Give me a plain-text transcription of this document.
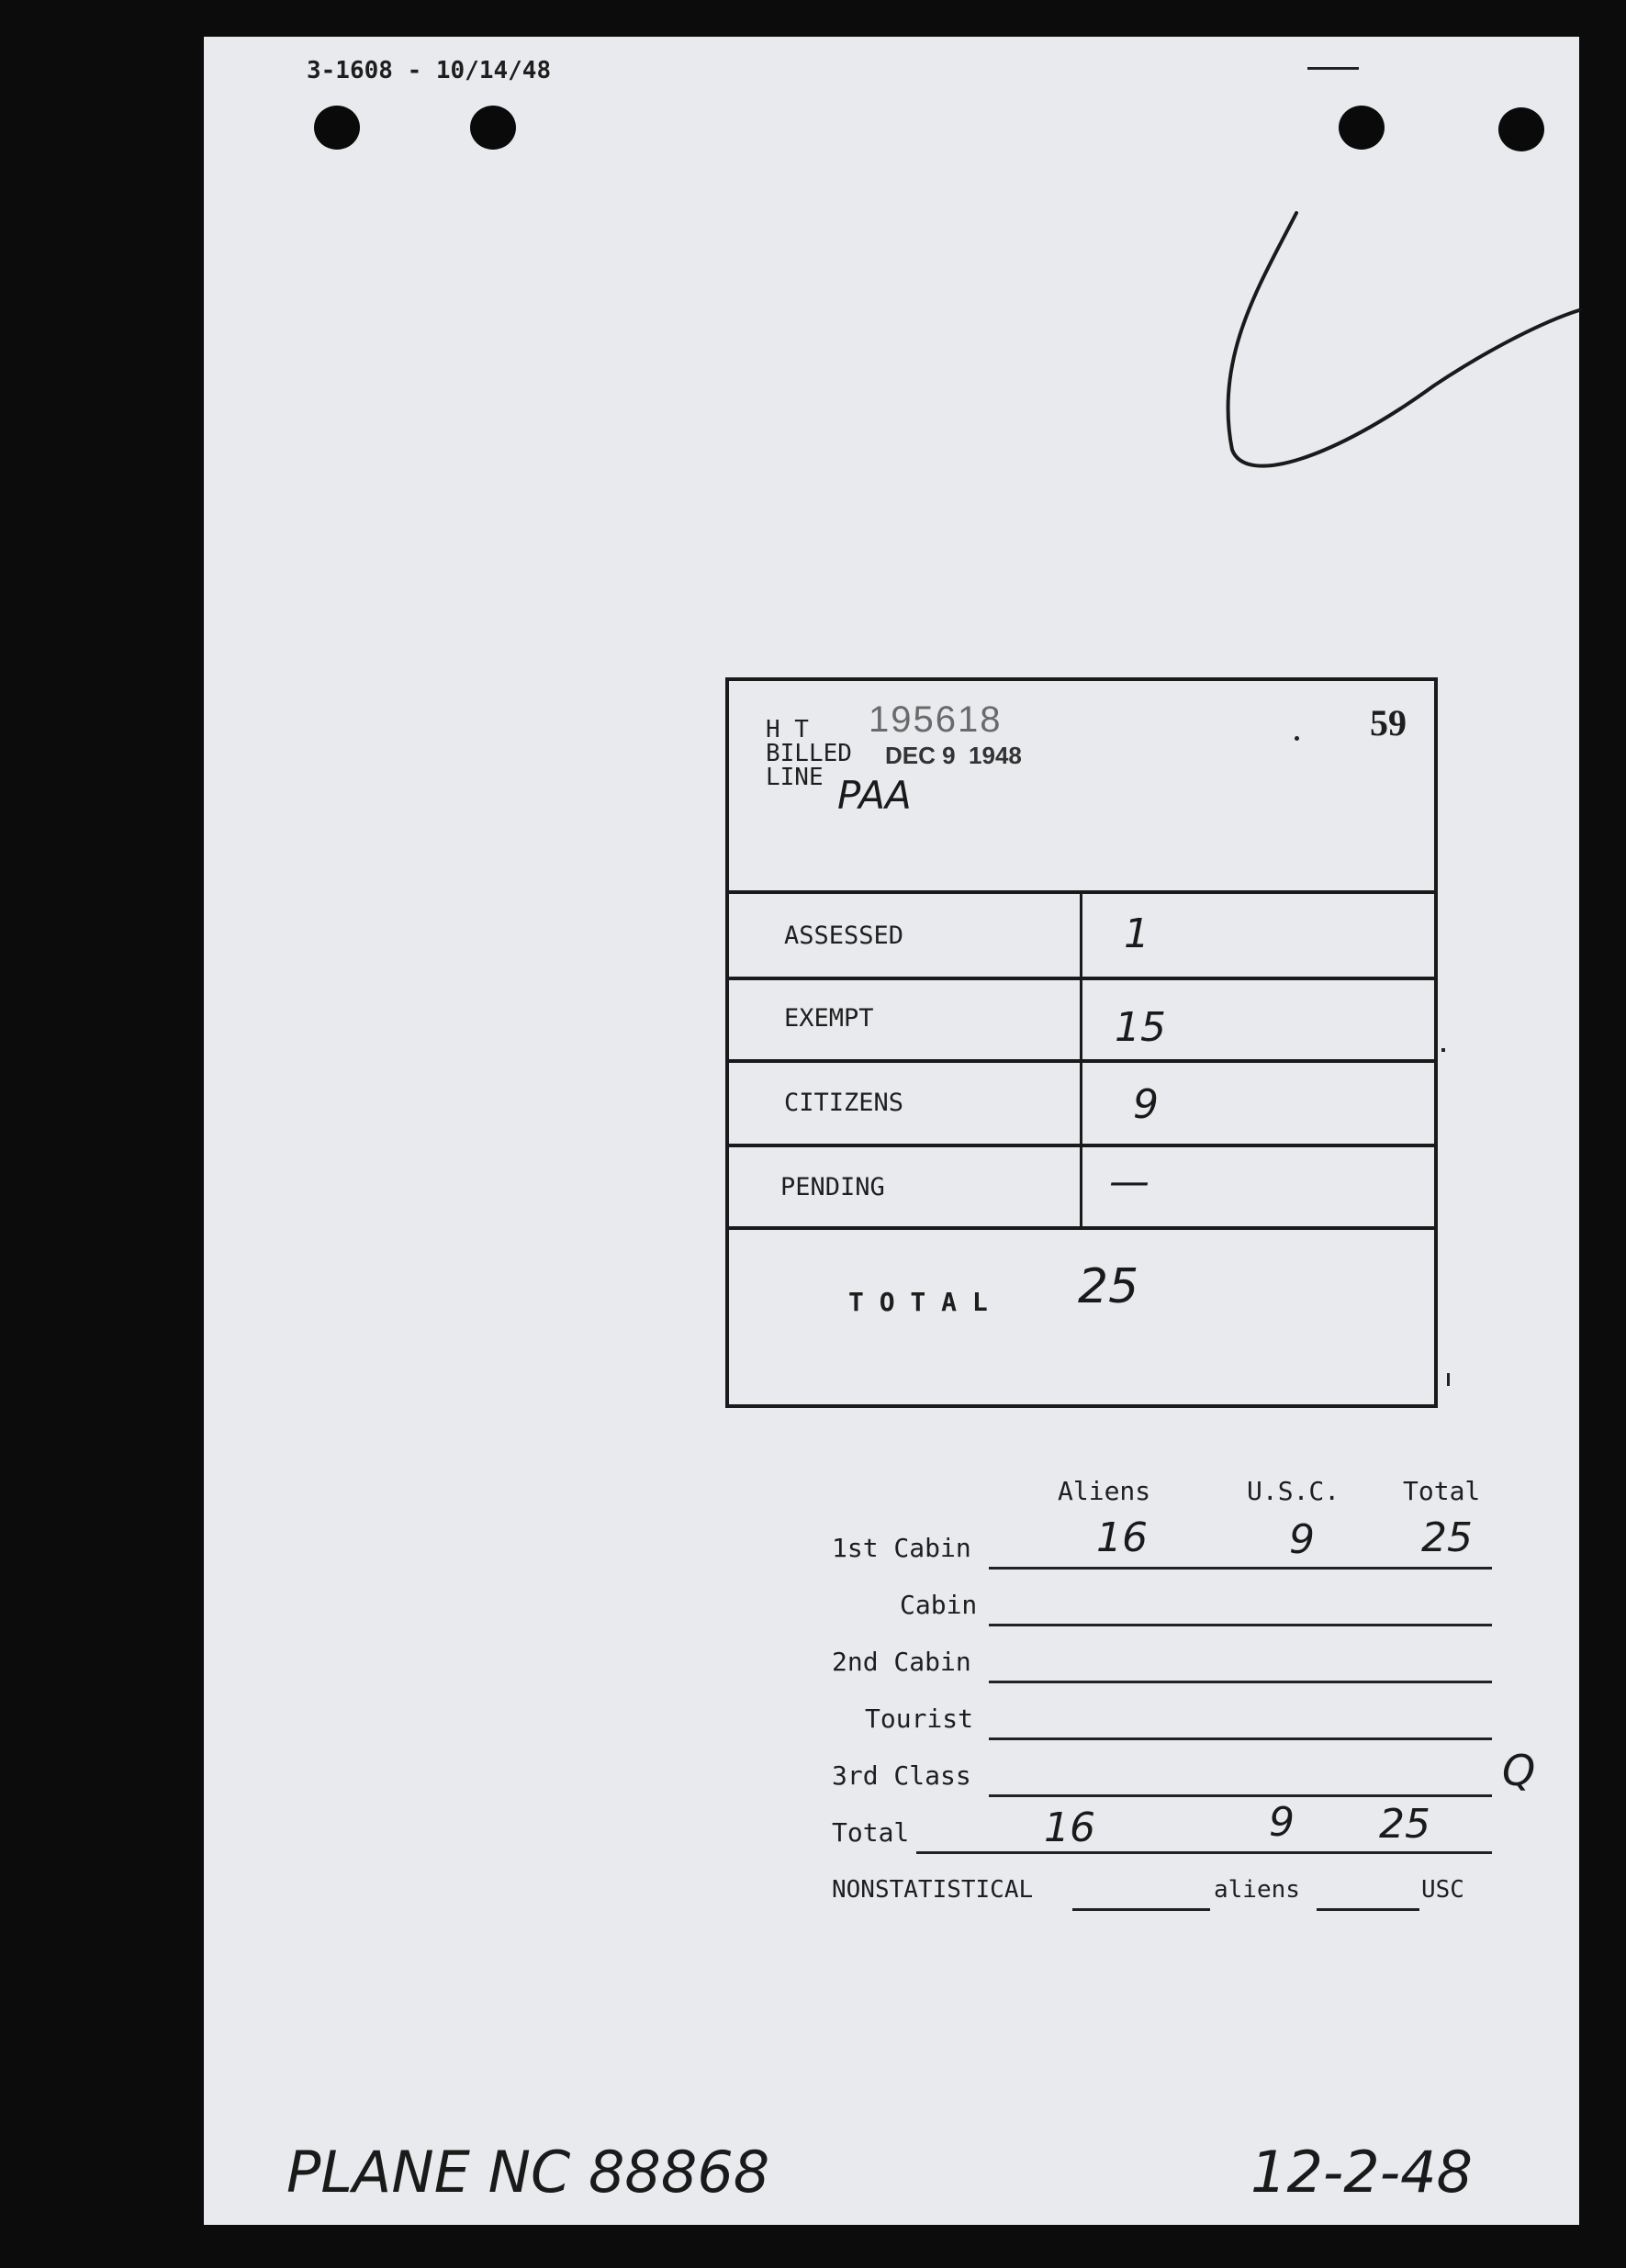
3-1608 - 10/14/48
59
H T 195618
BILLED DEC 9  1948
LINE PAA
ASSESSED	1
EXEMPT	15
CITIZENS	9
PENDING	—
T O T A L 25
Aliens	U.S.C. Total
1st Cabin	16	9	25
Cabin
2nd Cabin
Tourist
3rd Class	Q
Total	16	9 25
NONSTATISTICAL	aliens	USC
PLANE NC 88868	12-2-48
